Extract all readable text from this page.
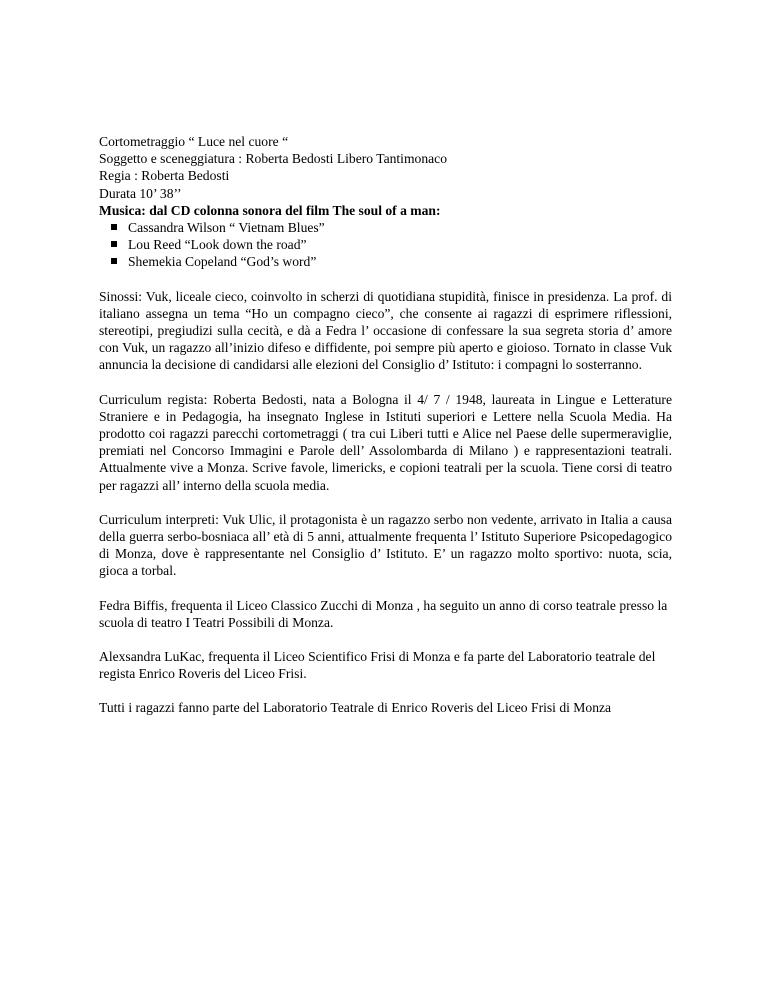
Cortometraggio “ Luce nel cuore “
Soggetto e sceneggiatura : Roberta Bedosti Libero Tantimonaco
Regia : Roberta Bedosti
Durata 10’ 38’’
Musica: dal CD colonna sonora del film The soul of a man:
Cassandra Wilson “ Vietnam Blues”
Lou Reed “Look down the road”
Shemekia Copeland “God’s word”
Sinossi: Vuk, liceale cieco, coinvolto in scherzi di quotidiana stupidità, finisce in presidenza. La prof. di italiano assegna un tema “Ho un compagno cieco”, che consente ai ragazzi di esprimere riflessioni, stereotipi, pregiudizi sulla cecità, e dà a Fedra l’ occasione di confessare la sua segreta storia d’ amore con Vuk, un ragazzo all’inizio difeso e diffidente, poi sempre più aperto e gioioso. Tornato in classe Vuk annuncia la decisione di candidarsi alle elezioni del Consiglio d’ Istituto: i compagni lo sosterranno.
Curriculum regista: Roberta Bedosti, nata a Bologna il 4/ 7 / 1948, laureata in Lingue e Letterature Straniere e in Pedagogia, ha insegnato Inglese in Istituti superiori e Lettere nella Scuola Media. Ha prodotto coi ragazzi parecchi cortometraggi ( tra cui Liberi tutti e Alice nel Paese delle supermeraviglie, premiati nel Concorso Immagini e Parole dell’ Assolombarda di Milano ) e rappresentazioni teatrali. Attualmente vive a Monza. Scrive favole, limericks, e copioni teatrali per la scuola. Tiene corsi di teatro per ragazzi all’ interno della scuola media.
Curriculum interpreti: Vuk Ulic, il protagonista è un ragazzo serbo non vedente, arrivato in Italia a causa della guerra serbo-bosniaca all’ età di 5 anni, attualmente frequenta l’ Istituto Superiore Psicopedagogico di Monza, dove è rappresentante nel Consiglio d’ Istituto. E’ un ragazzo molto sportivo: nuota, scia, gioca a torbal.
Fedra Biffis, frequenta il Liceo Classico Zucchi di Monza , ha seguito un anno di corso teatrale presso la scuola di teatro I Teatri Possibili di Monza.
Alexsandra LuKac, frequenta il Liceo Scientifico Frisi di Monza e fa parte del Laboratorio teatrale del regista Enrico Roveris del Liceo Frisi.
Tutti i ragazzi fanno parte del Laboratorio Teatrale di Enrico Roveris del Liceo Frisi di Monza
